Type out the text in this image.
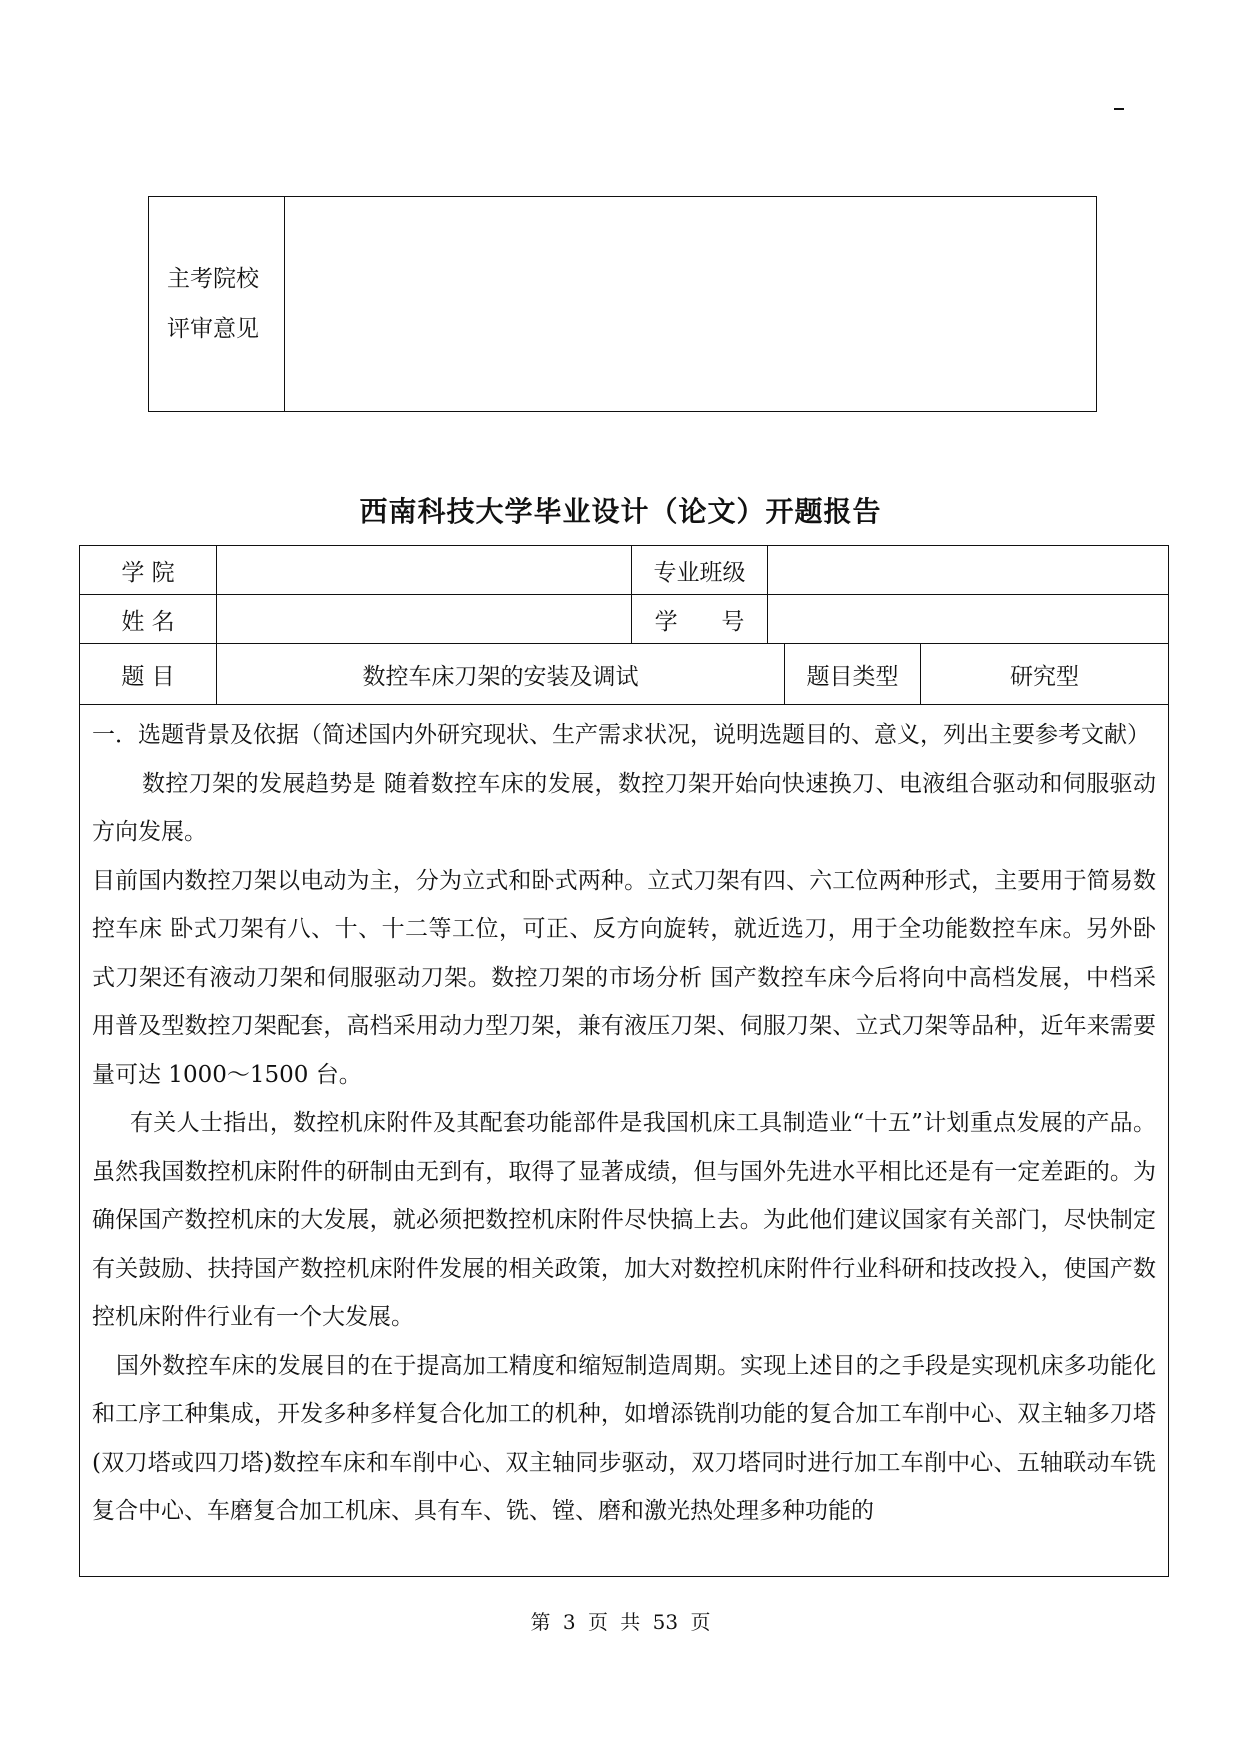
主考院校
评审意见
西南科技大学毕业设计（论文）开题报告
学 院	专业班级
姓 名	学      号
题 目	数控车床刀架的安装及调试	题目类型	研究型

一．选题背景及依据（简述国内外研究现状、生产需求状况，说明选题目的、意义，列出主要参考文献）

数控刀架的发展趋势是 随着数控车床的发展，数控刀架开始向快速换刀、电液组合驱动和伺服驱动方向发展。

目前国内数控刀架以电动为主，分为立式和卧式两种。立式刀架有四、六工位两种形式，主要用于简易数控车床 卧式刀架有八、十、十二等工位，可正、反方向旋转，就近选刀，用于全功能数控车床。另外卧式刀架还有液动刀架和伺服驱动刀架。数控刀架的市场分析 国产数控车床今后将向中高档发展，中档采用普及型数控刀架配套，高档采用动力型刀架，兼有液压刀架、伺服刀架、立式刀架等品种，近年来需要量可达 1000～1500 台。

有关人士指出，数控机床附件及其配套功能部件是我国机床工具制造业“十五”计划重点发展的产品。虽然我国数控机床附件的研制由无到有，取得了显著成绩，但与国外先进水平相比还是有一定差距的。为确保国产数控机床的大发展，就必须把数控机床附件尽快搞上去。为此他们建议国家有关部门，尽快制定有关鼓励、扶持国产数控机床附件发展的相关政策，加大对数控机床附件行业科研和技改投入，使国产数控机床附件行业有一个大发展。

国外数控车床的发展目的在于提高加工精度和缩短制造周期。实现上述目的之手段是实现机床多功能化和工序工种集成，开发多种多样复合化加工的机种，如增添铣削功能的复合加工车削中心、双主轴多刀塔(双刀塔或四刀塔)数控车床和车削中心、双主轴同步驱动，双刀塔同时进行加工车削中心、五轴联动车铣复合中心、车磨复合加工机床、具有车、铣、镗、磨和激光热处理多种功能的

第 3 页 共 53 页
